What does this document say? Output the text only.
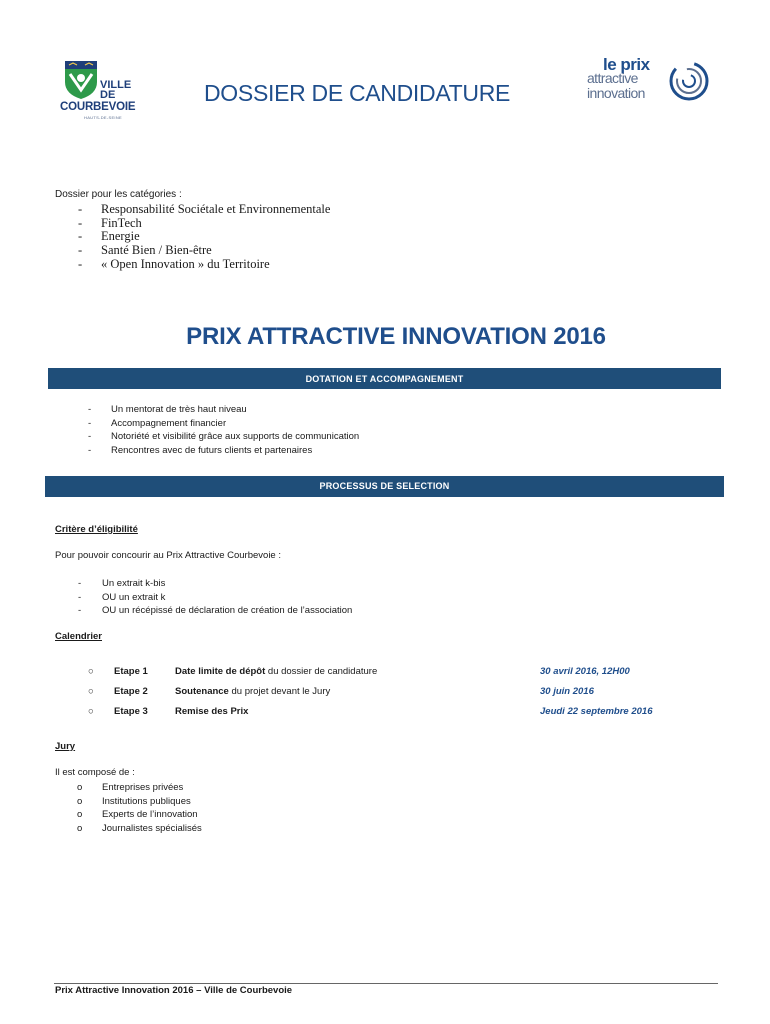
VILLE
DE
COURBEVOIE
HAUTS-DE-SEINE
DOSSIER DE CANDIDATURE
le prix
attractive
innovation
Dossier pour les catégories :
-	Responsabilité Sociétale et Environnementale
-	FinTech
-	Energie
-	Santé Bien / Bien-être
-	« Open Innovation » du Territoire
PRIX ATTRACTIVE INNOVATION 2016
DOTATION ET ACCOMPAGNEMENT
-	Un mentorat de très haut niveau
-	Accompagnement financier
-	Notoriété et visibilité grâce aux supports de communication
-	Rencontres avec de futurs clients et partenaires
PROCESSUS DE SELECTION
Critère d’éligibilité
Pour pouvoir concourir au Prix Attractive Courbevoie :
-	Un extrait k-bis
-	OU un extrait k
-	OU un récépissé de déclaration de création de l’association
Calendrier
○ Etape 1	Date limite de dépôt du dossier de candidature	30 avril 2016, 12H00
○ Etape 2	Soutenance du projet devant le Jury	30 juin 2016
○ Etape 3	Remise des Prix	Jeudi 22 septembre 2016
Jury
Il est composé de :
o	Entreprises privées
o	Institutions publiques
o	Experts de l’innovation
o	Journalistes spécialisés
Prix Attractive Innovation 2016 – Ville de Courbevoie
